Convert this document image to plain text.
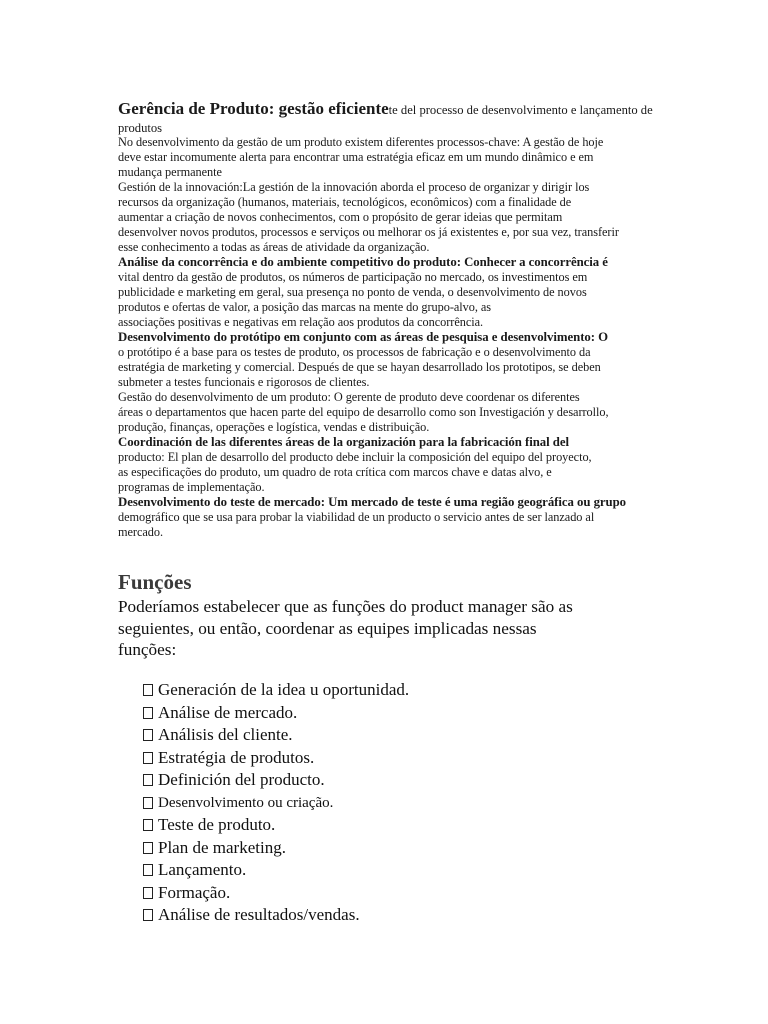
Gerência de Produto: gestão eficientete del processo de desenvolvimento e lançamento de
produtos
No desenvolvimento da gestão de um produto existem diferentes processos-chave: A gestão de hoje
deve estar incomumente alerta para encontrar uma estratégia eficaz em um mundo dinâmico e em
mudança permanente
Gestión de la innovación:La gestión de la innovación aborda el proceso de organizar y dirigir los
recursos da organização (humanos, materiais, tecnológicos, econômicos) com a finalidade de
aumentar a criação de novos conhecimentos, com o propósito de gerar ideias que permitam
desenvolver novos produtos, processos e serviços ou melhorar os já existentes e, por sua vez, transferir
esse conhecimento a todas as áreas de atividade da organização.
Análise da concorrência e do ambiente competitivo do produto: Conhecer a concorrência é
vital dentro da gestão de produtos, os números de participação no mercado, os investimentos em
publicidade e marketing em geral, sua presença no ponto de venda, o desenvolvimento de novos
produtos e ofertas de valor, a posição das marcas na mente do grupo-alvo, as
associações positivas e negativas em relação aos produtos da concorrência.
Desenvolvimento do protótipo em conjunto com as áreas de pesquisa e desenvolvimento: O
o protótipo é a base para os testes de produto, os processos de fabricação e o desenvolvimento da
estratégia de marketing y comercial. Después de que se hayan desarrollado los prototipos, se deben
submeter a testes funcionais e rigorosos de clientes.
Gestão do desenvolvimento de um produto: O gerente de produto deve coordenar os diferentes
áreas o departamentos que hacen parte del equipo de desarrollo como son Investigación y desarrollo,
produção, finanças, operações e logística, vendas e distribuição.
Coordinación de las diferentes áreas de la organización para la fabricación final del
producto: El plan de desarrollo del producto debe incluir la composición del equipo del proyecto,
as especificações do produto, um quadro de rota crítica com marcos chave e datas alvo, e
programas de implementação.
Desenvolvimento do teste de mercado: Um mercado de teste é uma região geográfica ou grupo
demográfico que se usa para probar la viabilidad de un producto o servicio antes de ser lanzado al
mercado.
Funções
Poderíamos estabelecer que as funções do product manager são as
seguientes, ou então, coordenar as equipes implicadas nessas
funções:
Generación de la idea u oportunidad.
Análise de mercado.
Análisis del cliente.
Estratégia de produtos.
Definición del producto.
Desenvolvimento ou criação.
Teste de produto.
Plan de marketing.
Lançamento.
Formação.
Análise de resultados/vendas.
